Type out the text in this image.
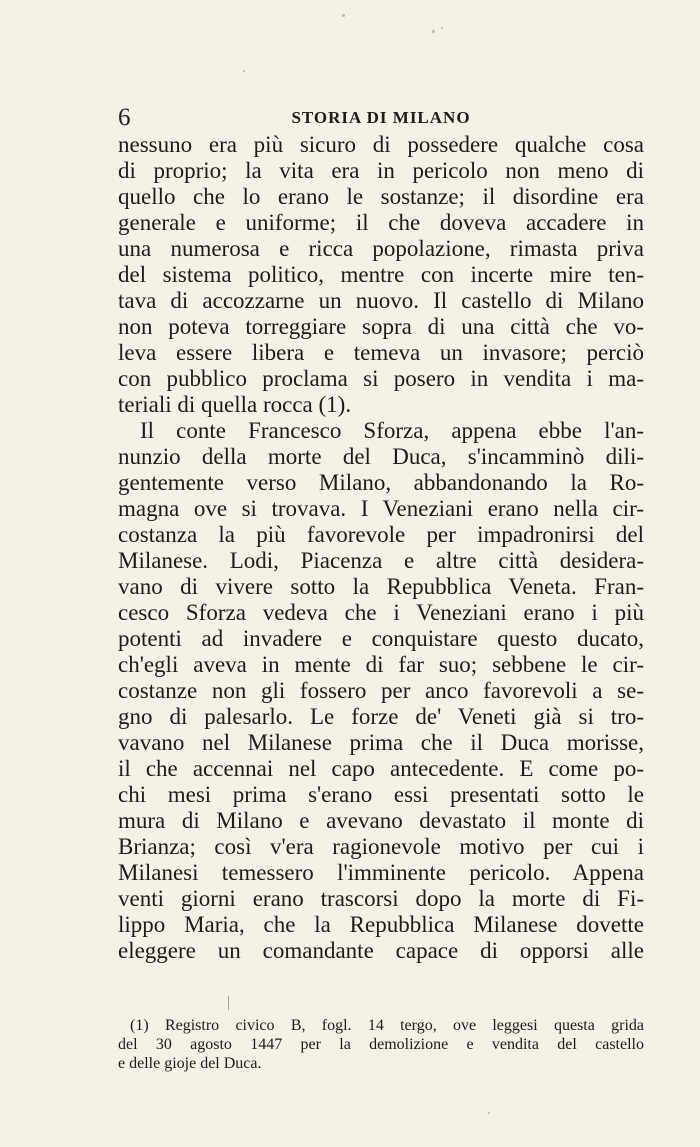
6	STORIA DI MILANO
nessuno era più sicuro di possedere qualche cosa
di proprio; la vita era in pericolo non meno di
quello che lo erano le sostanze; il disordine era
generale e uniforme; il che doveva accadere in
una numerosa e ricca popolazione, rimasta priva
del sistema politico, mentre con incerte mire ten-
tava di accozzarne un nuovo. Il castello di Milano
non poteva torreggiare sopra di una città che vo-
leva essere libera e temeva un invasore; perciò
con pubblico proclama si posero in vendita i ma-
teriali di quella rocca (1).
Il conte Francesco Sforza, appena ebbe l'an-
nunzio della morte del Duca, s'incamminò dili-
gentemente verso Milano, abbandonando la Ro-
magna ove si trovava. I Veneziani erano nella cir-
costanza la più favorevole per impadronirsi del
Milanese. Lodi, Piacenza e altre città desidera-
vano di vivere sotto la Repubblica Veneta. Fran-
cesco Sforza vedeva che i Veneziani erano i più
potenti ad invadere e conquistare questo ducato,
ch'egli aveva in mente di far suo; sebbene le cir-
costanze non gli fossero per anco favorevoli a se-
gno di palesarlo. Le forze de' Veneti già si tro-
vavano nel Milanese prima che il Duca morisse,
il che accennai nel capo antecedente. E come po-
chi mesi prima s'erano essi presentati sotto le
mura di Milano e avevano devastato il monte di
Brianza; così v'era ragionevole motivo per cui i
Milanesi temessero l'imminente pericolo. Appena
venti giorni erano trascorsi dopo la morte di Fi-
lippo Maria, che la Repubblica Milanese dovette
eleggere un comandante capace di opporsi alle
(1) Registro civico B, fogl. 14 tergo, ove leggesi questa grida
del 30 agosto 1447 per la demolizione e vendita del castello
e delle gioje del Duca.
